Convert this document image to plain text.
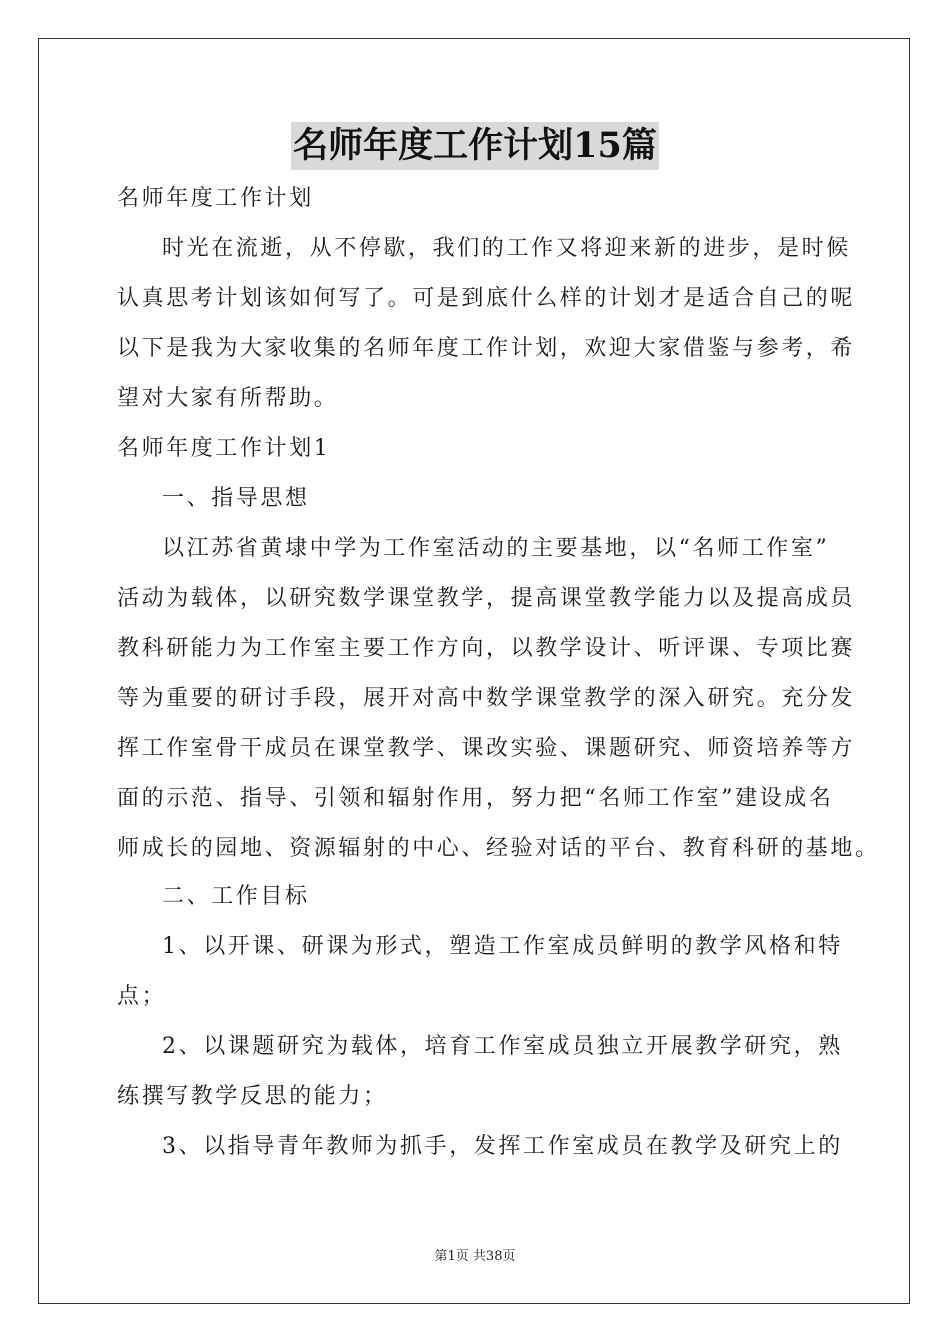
名师年度工作计划15篇
名师年度工作计划
时光在流逝，从不停歇，我们的工作又将迎来新的进步，是时候
认真思考计划该如何写了。可是到底什么样的计划才是适合自己的呢
以下是我为大家收集的名师年度工作计划，欢迎大家借鉴与参考，希
望对大家有所帮助。
名师年度工作计划1
一、指导思想
以江苏省黄埭中学为工作室活动的主要基地，以“名师工作室”
活动为载体，以研究数学课堂教学，提高课堂教学能力以及提高成员
教科研能力为工作室主要工作方向，以教学设计、听评课、专项比赛
等为重要的研讨手段，展开对高中数学课堂教学的深入研究。充分发
挥工作室骨干成员在课堂教学、课改实验、课题研究、师资培养等方
面的示范、指导、引领和辐射作用，努力把“名师工作室”建设成名
师成长的园地、资源辐射的中心、经验对话的平台、教育科研的基地。
二、工作目标
1、以开课、研课为形式，塑造工作室成员鲜明的教学风格和特
点；
2、以课题研究为载体，培育工作室成员独立开展教学研究，熟
练撰写教学反思的能力；
3、以指导青年教师为抓手，发挥工作室成员在教学及研究上的
第1页 共38页
